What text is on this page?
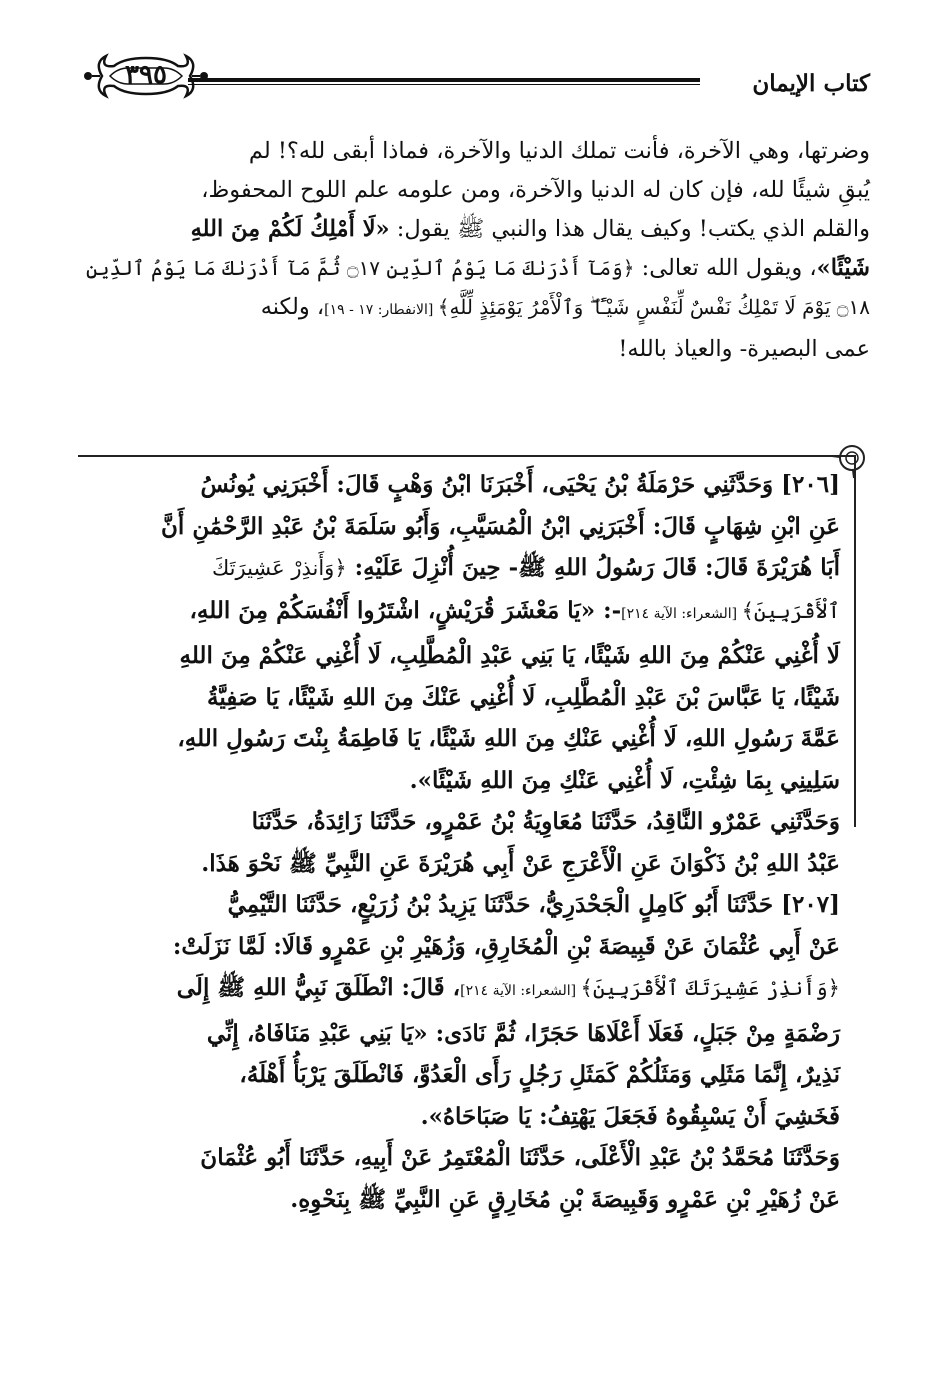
كتاب الإيمان
٣٩٥

وضرتها، وهي الآخرة، فأنت تملك الدنيا والآخرة، فماذا أبقى لله؟! لم

يُبقِ شيئًا لله، فإن كان له الدنيا والآخرة، ومن علومه علم اللوح المحفوظ،

والقلم الذي يكتب! وكيف يقال هذا والنبي ﷺ يقول: «لَا أَمْلِكُ لَكُمْ مِنَ اللهِ

شَيْئًا»، ويقول الله تعالى: ﴿وَمَآ أَدْرَىٰكَ مَا يَوْمُ ٱلدِّينِ ۝١٧ ثُمَّ مَآ أَدْرَىٰكَ مَا يَوْمُ ٱلدِّينِ

۝١٨ يَوْمَ لَا تَمْلِكُ نَفْسٌ لِّنَفْسٍ شَيْـًٔا ۖ وَٱلْأَمْرُ يَوْمَئِذٍ لِّلَّهِ﴾ [الانفطار: ١٧ - ١٩]، ولكنه

عمى البصيرة- والعياذ بالله!

[٢٠٦] وَحَدَّثَنِي حَرْمَلَةُ بْنُ يَحْيَى، أَخْبَرَنَا ابْنُ وَهْبٍ قَالَ: أَخْبَرَنِي يُونُسُ

عَنِ ابْنِ شِهَابٍ قَالَ: أَخْبَرَنِي ابْنُ الْمُسَيَّبِ، وَأَبُو سَلَمَةَ بْنُ عَبْدِ الرَّحْمَٰنِ أَنَّ

أَبَا هُرَيْرَةَ قَالَ: قَالَ رَسُولُ اللهِ ﷺ- حِينَ أُنْزِلَ عَلَيْهِ: ﴿وَأَنذِرْ عَشِيرَتَكَ

ٱلْأَقْرَبِينَ﴾ [الشعراء: الآية ٢١٤]-: «يَا مَعْشَرَ قُرَيْشٍ، اشْتَرُوا أَنْفُسَكُمْ مِنَ اللهِ،

لَا أُغْنِي عَنْكُمْ مِنَ اللهِ شَيْئًا، يَا بَنِي عَبْدِ الْمُطَّلِبِ، لَا أُغْنِي عَنْكُمْ مِنَ اللهِ

شَيْئًا، يَا عَبَّاسَ بْنَ عَبْدِ الْمُطَّلِبِ، لَا أُغْنِي عَنْكَ مِنَ اللهِ شَيْئًا، يَا صَفِيَّةُ

عَمَّةَ رَسُولِ اللهِ، لَا أُغْنِي عَنْكِ مِنَ اللهِ شَيْئًا، يَا فَاطِمَةُ بِنْتَ رَسُولِ اللهِ،

سَلِينِي بِمَا شِئْتِ، لَا أُغْنِي عَنْكِ مِنَ اللهِ شَيْئًا».

وَحَدَّثَنِي عَمْرٌو النَّاقِدُ، حَدَّثَنَا مُعَاوِيَةُ بْنُ عَمْرٍو، حَدَّثَنَا زَائِدَةُ، حَدَّثَنَا

عَبْدُ اللهِ بْنُ ذَكْوَانَ عَنِ الْأَعْرَجِ عَنْ أَبِي هُرَيْرَةَ عَنِ النَّبِيِّ ﷺ نَحْوَ هَذَا.

[٢٠٧] حَدَّثَنَا أَبُو كَامِلٍ الْجَحْدَرِيُّ، حَدَّثَنَا يَزِيدُ بْنُ زُرَيْعٍ، حَدَّثَنَا التَّيْمِيُّ

عَنْ أَبِي عُثْمَانَ عَنْ قَبِيصَةَ بْنِ الْمُخَارِقِ، وَزُهَيْرِ بْنِ عَمْرٍو قَالَا: لَمَّا نَزَلَتْ:

﴿وَأَنذِرْ عَشِيرَتَكَ ٱلْأَقْرَبِينَ﴾ [الشعراء: الآية ٢١٤]، قَالَ: انْطَلَقَ نَبِيُّ اللهِ ﷺ إِلَى

رَضْمَةٍ مِنْ جَبَلٍ، فَعَلَا أَعْلَاهَا حَجَرًا، ثُمَّ نَادَى: «يَا بَنِي عَبْدِ مَنَافَاهُ، إِنِّي

نَذِيرٌ، إِنَّمَا مَثَلِي وَمَثَلُكُمْ كَمَثَلِ رَجُلٍ رَأَى الْعَدُوَّ، فَانْطَلَقَ يَرْبَأُ أَهْلَهُ،

فَخَشِيَ أَنْ يَسْبِقُوهُ فَجَعَلَ يَهْتِفُ: يَا صَبَاحَاهُ».

وَحَدَّثَنَا مُحَمَّدُ بْنُ عَبْدِ الْأَعْلَى، حَدَّثَنَا الْمُعْتَمِرُ عَنْ أَبِيهِ، حَدَّثَنَا أَبُو عُثْمَانَ

عَنْ زُهَيْرِ بْنِ عَمْرٍو وَقَبِيصَةَ بْنِ مُخَارِقٍ عَنِ النَّبِيِّ ﷺ بِنَحْوِهِ.
